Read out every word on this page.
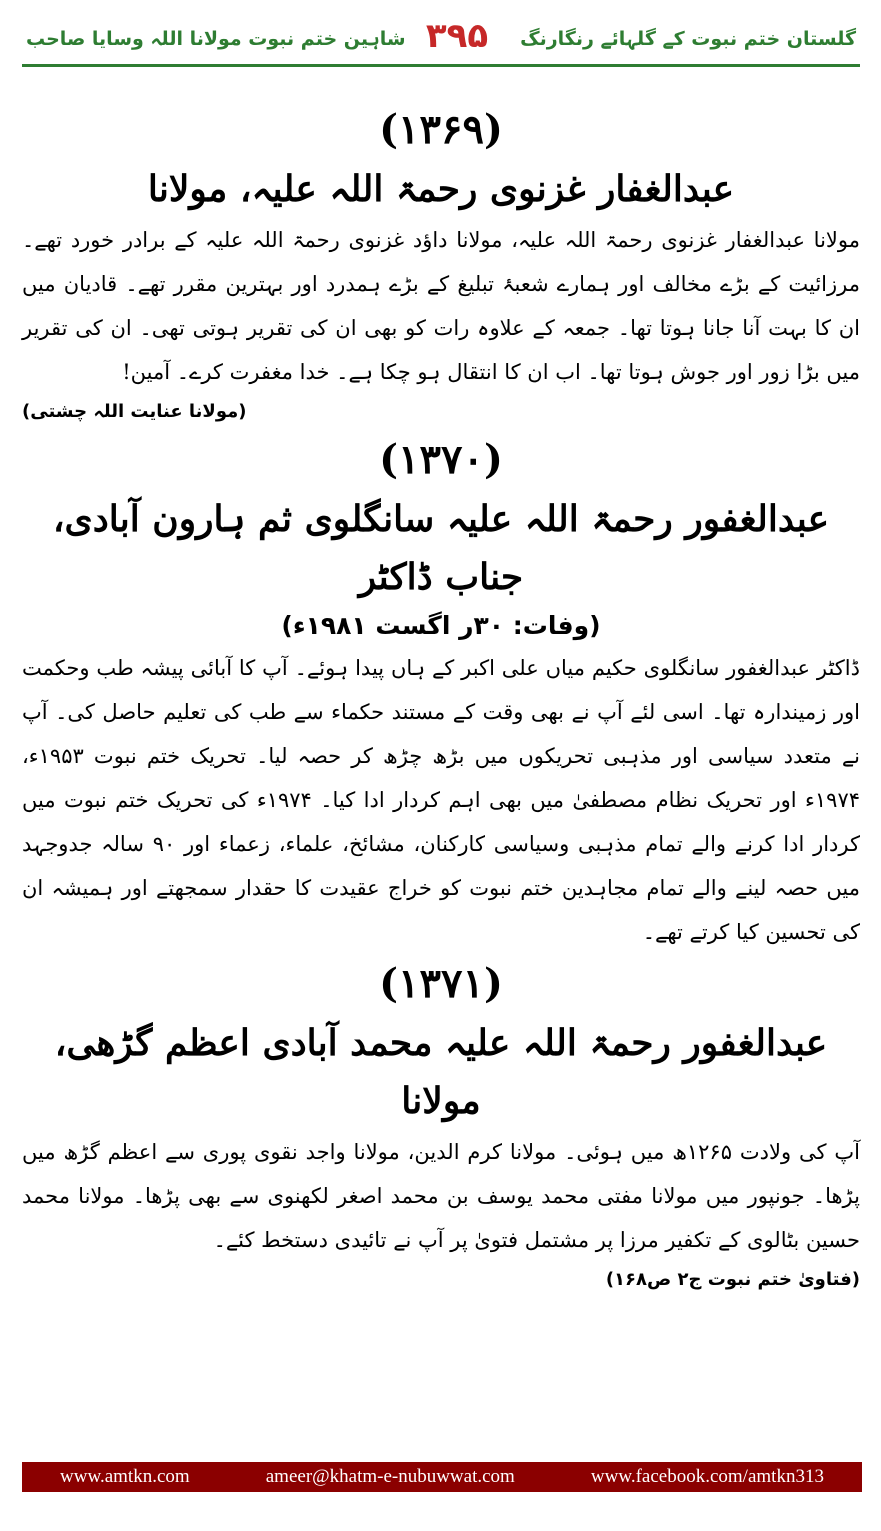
شاہین ختم نبوت مولانا اللہ وسایا صاحب ۳۹۵	گلستان ختم نبوت کے گلہائے رنگارنگ
(۱۳۶۹)
عبدالغفار غزنوی رحمۃ اللہ علیہ، مولانا
مولانا عبدالغفار غزنوی رحمۃ اللہ علیہ، مولانا داؤد غزنوی رحمۃ اللہ علیہ کے برادر خورد تھے۔ مرزائیت کے بڑے مخالف اور ہمارے شعبۂ تبلیغ کے بڑے ہمدرد اور بہترین مقرر تھے۔ قادیان میں ان کا بہت آنا جانا ہوتا تھا۔ جمعہ کے علاوہ رات کو بھی ان کی تقریر ہوتی تھی۔ ان کی تقریر میں بڑا زور اور جوش ہوتا تھا۔ اب ان کا انتقال ہو چکا ہے۔ خدا مغفرت کرے۔ آمین!
(مولانا عنایت اللہ چشتی)
(۱۳۷۰)
عبدالغفور رحمۃ اللہ علیہ سانگلوی ثم ہارون آبادی، جناب ڈاکٹر
(وفات: ۳۰ر اگست ۱۹۸۱ء)
ڈاکٹر عبدالغفور سانگلوی حکیم میاں علی اکبر کے ہاں پیدا ہوئے۔ آپ کا آبائی پیشہ طب وحکمت اور زمیندارہ تھا۔ اسی لئے آپ نے بھی وقت کے مستند حکماء سے طب کی تعلیم حاصل کی۔ آپ نے متعدد سیاسی اور مذہبی تحریکوں میں بڑھ چڑھ کر حصہ لیا۔ تحریک ختم نبوت ۱۹۵۳ء، ۱۹۷۴ء اور تحریک نظام مصطفیٰ میں بھی اہم کردار ادا کیا۔ ۱۹۷۴ء کی تحریک ختم نبوت میں کردار ادا کرنے والے تمام مذہبی وسیاسی کارکنان، مشائخ، علماء، زعماء اور ۹۰ سالہ جدوجہد میں حصہ لینے والے تمام مجاہدین ختم نبوت کو خراج عقیدت کا حقدار سمجھتے اور ہمیشہ ان کی تحسین کیا کرتے تھے۔
(۱۳۷۱)
عبدالغفور رحمۃ اللہ علیہ محمد آبادی اعظم گڑھی، مولانا
آپ کی ولادت ۱۲۶۵ھ میں ہوئی۔ مولانا کرم الدین، مولانا واجد نقوی پوری سے اعظم گڑھ میں پڑھا۔ جونپور میں مولانا مفتی محمد یوسف بن محمد اصغر لکھنوی سے بھی پڑھا۔ مولانا محمد حسین بٹالوی کے تکفیر مرزا پر مشتمل فتویٰ پر آپ نے تائیدی دستخط کئے۔
(فتاویٰ ختم نبوت ج۲ ص۱۶۸)
www.amtkn.com	ameer@khatm-e-nubuwwat.com	www.facebook.com/amtkn313
